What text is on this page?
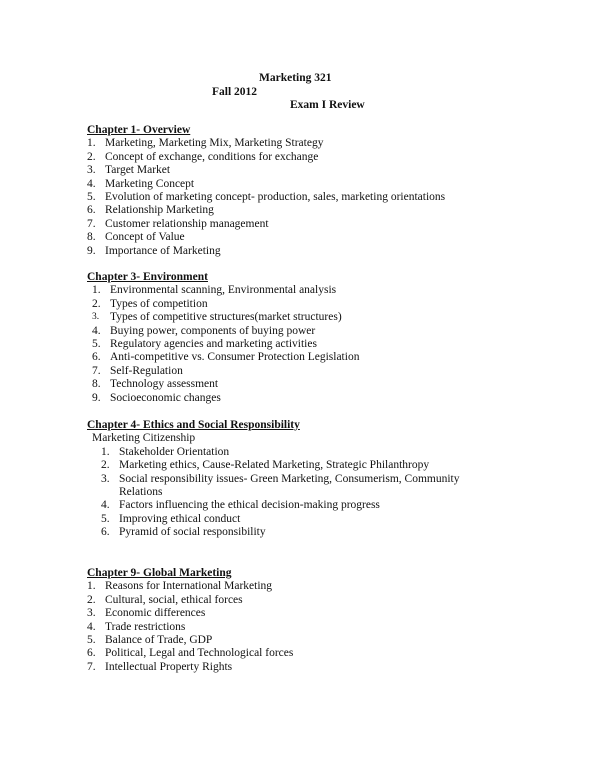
Marketing 321
Fall 2012
Exam I Review
Chapter 1- Overview
1. Marketing, Marketing Mix, Marketing Strategy
2. Concept of exchange, conditions for exchange
3. Target Market
4. Marketing Concept
5. Evolution of marketing concept- production, sales, marketing orientations
6. Relationship Marketing
7. Customer relationship management
8. Concept of Value
9. Importance of Marketing
Chapter 3- Environment
1. Environmental scanning, Environmental analysis
2. Types of competition
3. Types of competitive structures(market structures)
4. Buying power, components of buying power
5. Regulatory agencies and marketing activities
6. Anti-competitive vs. Consumer Protection Legislation
7. Self-Regulation
8. Technology assessment
9. Socioeconomic changes
Chapter 4- Ethics and Social Responsibility
Marketing Citizenship
1. Stakeholder Orientation
2. Marketing ethics, Cause-Related Marketing, Strategic Philanthropy
3. Social responsibility issues- Green Marketing, Consumerism, Community Relations
4. Factors influencing the ethical decision-making progress
5. Improving ethical conduct
6. Pyramid of social responsibility
Chapter 9- Global Marketing
1. Reasons for International Marketing
2. Cultural, social, ethical forces
3. Economic differences
4. Trade restrictions
5. Balance of Trade, GDP
6. Political, Legal and Technological forces
7. Intellectual Property Rights
